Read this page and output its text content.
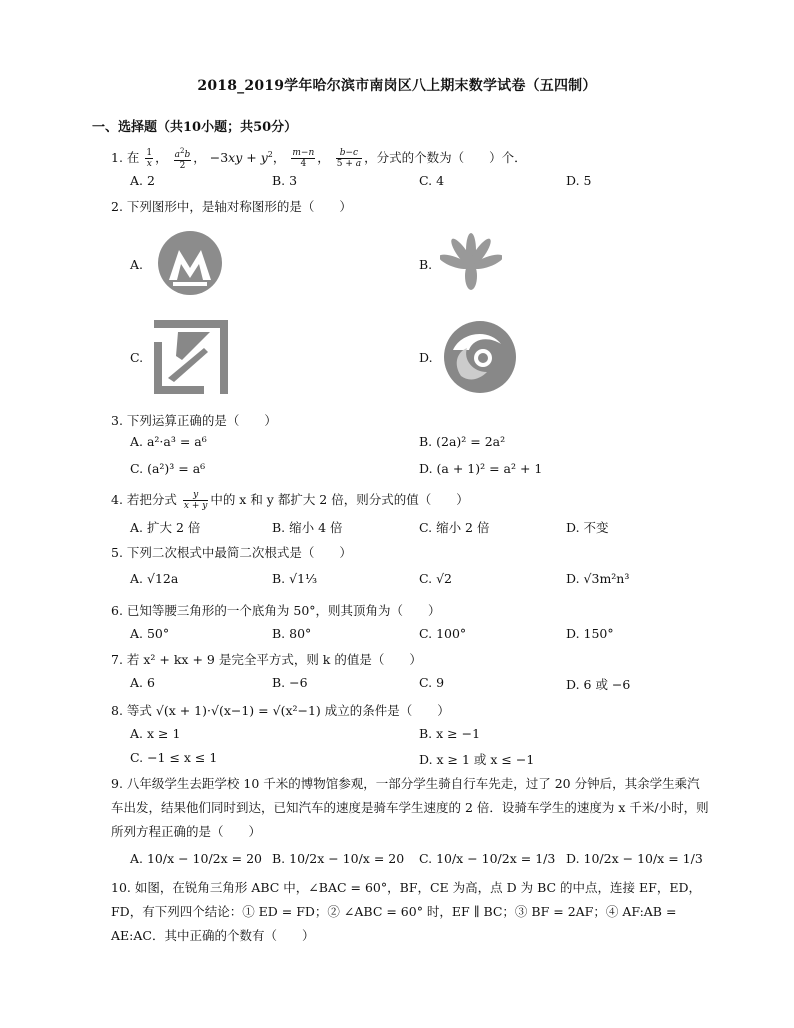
2018_2019学年哈尔滨市南岗区八上期末数学试卷（五四制）
一、选择题（共10小题；共50分）
1. 在 $\frac{1}{x}$ ， $\frac{a^2b}{2}$ ， $-3xy + y^2$， $\frac{m-n}{4}$ ， $\frac{b-c}{5 + a}$ ，分式的个数为（　　）个．
A. 2	B. 3	C. 4	D. 5
2. 下列图形中，是轴对称图形的是（　　）
A.	B.
C.	D.
3. 下列运算正确的是（　　）
A. a²·a³ = a⁶	B. (2a)² = 2a²
C. (a²)³ = a⁶	D. (a + 1)² = a² + 1
4. 若把分式 $\frac{y}{x + y}$ 中的 x 和 y 都扩大 2 倍，则分式的值（　　）
A. 扩大 2 倍	B. 缩小 4 倍	C. 缩小 2 倍	D. 不变
5. 下列二次根式中最简二次根式是（　　）
A. √12a	B. √1⅓	C. √2	D. √3m²n³
6. 已知等腰三角形的一个底角为 50°，则其顶角为（　　）
A. 50°	B. 80°	C. 100°	D. 150°
7. 若 x² + kx + 9 是完全平方式，则 k 的值是（　　）
A. 6	B. −6	C. 9	D. 6 或 −6
8. 等式 √(x + 1)·√(x−1) = √(x²−1) 成立的条件是（　　）
A. x ≥ 1	B. x ≥ −1
C. −1 ≤ x ≤ 1	D. x ≥ 1 或 x ≤ −1
9. 八年级学生去距学校 10 千米的博物馆参观，一部分学生骑自行车先走，过了 20 分钟后，其余学生乘汽车出发，结果他们同时到达，已知汽车的速度是骑车学生速度的 2 倍．设骑车学生的速度为 x 千米/小时，则所列方程正确的是（　　）
A. 10/x − 10/2x = 20 B. 10/2x − 10/x = 20 C. 10/x − 10/2x = 1/3 D. 10/2x − 10/x = 1/3
10. 如图，在锐角三角形 ABC 中，∠BAC = 60°，BF，CE 为高，点 D 为 BC 的中点，连接 EF，ED，FD，有下列四个结论：① ED = FD；② ∠ABC = 60° 时，EF ∥ BC；③ BF = 2AF；④ AF:AB = AE:AC．其中正确的个数有（　　）
